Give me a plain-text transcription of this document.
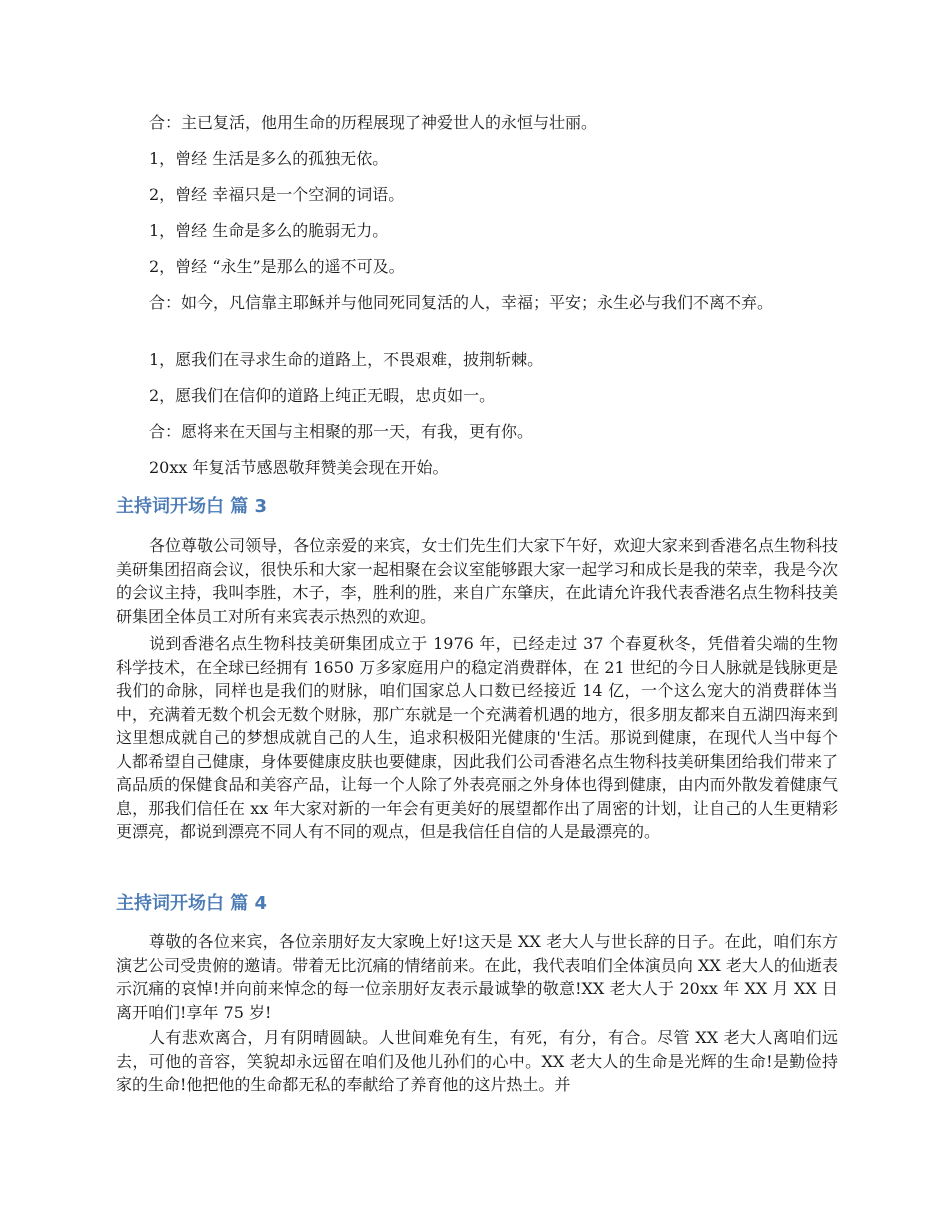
合：主已复活，他用生命的历程展现了神爱世人的永恒与壮丽。
1，曾经 生活是多么的孤独无依。
2，曾经 幸福只是一个空洞的词语。
1，曾经 生命是多么的脆弱无力。
2，曾经 “永生”是那么的遥不可及。
合：如今，凡信靠主耶稣并与他同死同复活的人，幸福；平安；永生必与我们不离不弃。
1，愿我们在寻求生命的道路上，不畏艰难，披荆斩棘。
2，愿我们在信仰的道路上纯正无暇，忠贞如一。
合：愿将来在天国与主相聚的那一天，有我，更有你。
20xx 年复活节感恩敬拜赞美会现在开始。
主持词开场白 篇 3
各位尊敬公司领导，各位亲爱的来宾，女士们先生们大家下午好，欢迎大家来到香港名点生物科技美研集团招商会议，很快乐和大家一起相聚在会议室能够跟大家一起学习和成长是我的荣幸，我是今次的会议主持，我叫李胜，木子，李，胜利的胜，来自广东肇庆，在此请允许我代表香港名点生物科技美研集团全体员工对所有来宾表示热烈的欢迎。
说到香港名点生物科技美研集团成立于 1976 年，已经走过 37 个春夏秋冬，凭借着尖端的生物科学技术，在全球已经拥有 1650 万多家庭用户的稳定消费群体，在 21 世纪的今日人脉就是钱脉更是我们的命脉，同样也是我们的财脉，咱们国家总人口数已经接近 14 亿，一个这么宠大的消费群体当中，充满着无数个机会无数个财脉，那广东就是一个充满着机遇的地方，很多朋友都来自五湖四海来到这里想成就自己的梦想成就自己的人生，追求积极阳光健康的'生活。那说到健康，在现代人当中每个人都希望自己健康，身体要健康皮肤也要健康，因此我们公司香港名点生物科技美研集团给我们带来了高品质的保健食品和美容产品，让每一个人除了外表亮丽之外身体也得到健康，由内而外散发着健康气息，那我们信任在 xx 年大家对新的一年会有更美好的展望都作出了周密的计划，让自己的人生更精彩更漂亮，都说到漂亮不同人有不同的观点，但是我信任自信的人是最漂亮的。
主持词开场白 篇 4
尊敬的各位来宾，各位亲朋好友大家晚上好!这天是 XX 老大人与世长辞的日子。在此，咱们东方演艺公司受贵俯的邀请。带着无比沉痛的情绪前来。在此，我代表咱们全体演员向 XX 老大人的仙逝表示沉痛的哀悼!并向前来悼念的每一位亲朋好友表示最诚挚的敬意!XX 老大人于 20xx 年 XX 月 XX 日离开咱们!享年 75 岁!
人有悲欢离合，月有阴晴圆缺。人世间难免有生，有死，有分，有合。尽管 XX 老大人离咱们远去，可他的音容，笑貌却永远留在咱们及他儿孙们的心中。XX 老大人的生命是光辉的生命!是勤俭持家的生命!他把他的生命都无私的奉献给了养育他的这片热土。并
